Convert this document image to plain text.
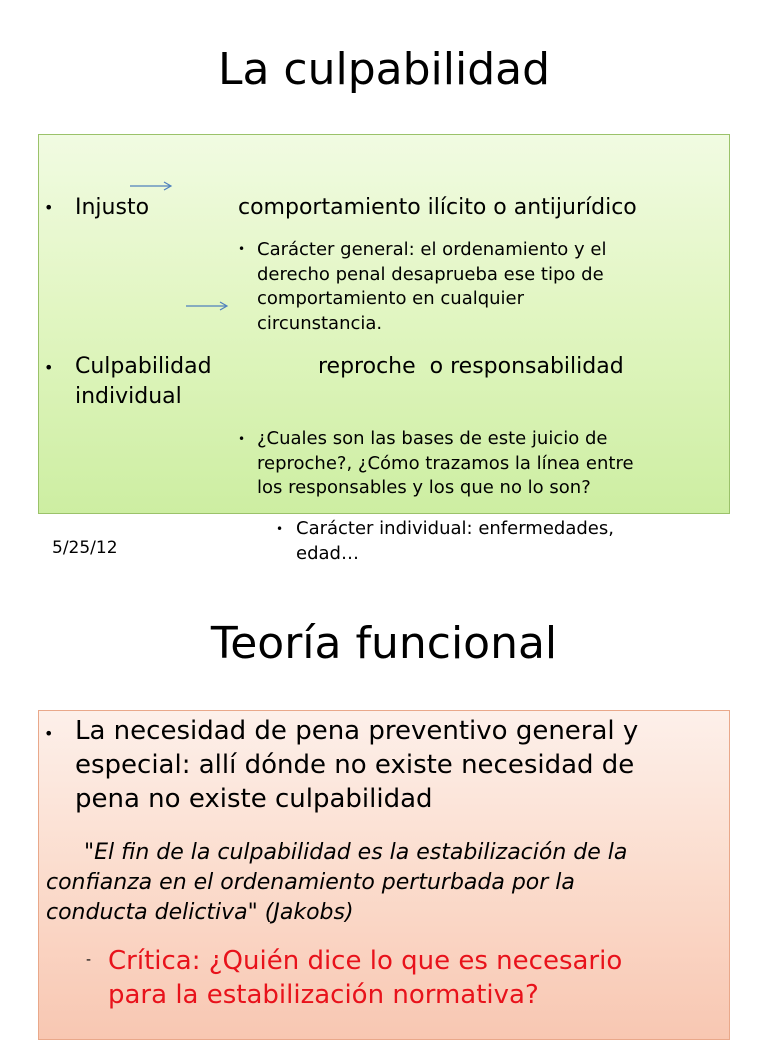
La culpabilidad
• Injusto	comportamiento ilícito o antijurídico
• Carácter general: el ordenamiento y el
derecho penal desaprueba ese tipo de
comportamiento en cualquier
circunstancia.
• Culpabilidad
individual
reproche  o responsabilidad
• ¿Cuales son las bases de este juicio de
reproche?, ¿Cómo trazamos la línea entre
los responsables y los que no lo son?
5/25/12
• Carácter individual: enfermedades,
edad…
Teoría funcional
• La necesidad de pena preventivo general y
especial: allí dónde no existe necesidad de
pena no existe culpabilidad
"El fin de la culpabilidad es la estabilización de la
confianza en el ordenamiento perturbada por la
conducta delictiva" (Jakobs)
- Crítica: ¿Quién dice lo que es necesario
para la estabilización normativa?
